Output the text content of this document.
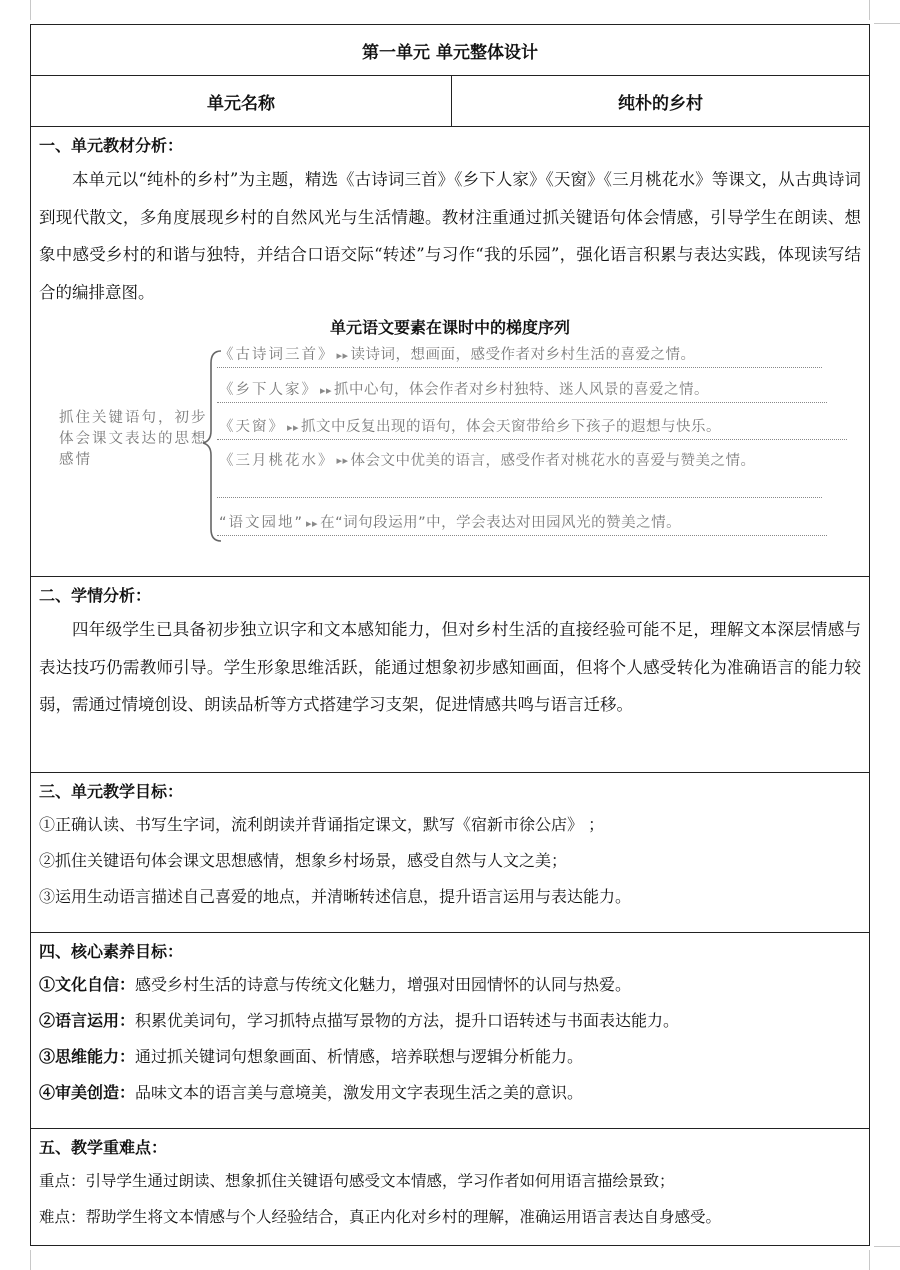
第一单元 单元整体设计
单元名称	纯朴的乡村
一、单元教材分析：

本单元以“纯朴的乡村”为主题，精选《古诗词三首》《乡下人家》《天窗》《三月桃花水》等课文，从古典诗词到现代散文，多角度展现乡村的自然风光与生活情趣。教材注重通过抓关键语句体会情感，引导学生在朗读、想象中感受乡村的和谐与独特，并结合口语交际“转述”与习作“我的乐园”，强化语言积累与表达实践，体现读写结合的编排意图。

单元语文要素在课时中的梯度序列
抓住关键语句，初步体会课文表达的思想感情
《古诗词三首》 ▸▸ 读诗词，想画面，感受作者对乡村生活的喜爱之情。
《乡下人家》 ▸▸ 抓中心句，体会作者对乡村独特、迷人风景的喜爱之情。
《天窗》 ▸▸ 抓文中反复出现的语句，体会天窗带给乡下孩子的遐想与快乐。
《三月桃花水》 ▸▸ 体会文中优美的语言，感受作者对桃花水的喜爱与赞美之情。
“语文园地” ▸▸ 在“词句段运用”中，学会表达对田园风光的赞美之情。
二、学情分析：

四年级学生已具备初步独立识字和文本感知能力，但对乡村生活的直接经验可能不足，理解文本深层情感与表达技巧仍需教师引导。学生形象思维活跃，能通过想象初步感知画面，但将个人感受转化为准确语言的能力较弱，需通过情境创设、朗读品析等方式搭建学习支架，促进情感共鸣与语言迁移。

三、单元教学目标：

①正确认读、书写生字词，流利朗读并背诵指定课文，默写《宿新市徐公店》 ；

②抓住关键语句体会课文思想感情，想象乡村场景，感受自然与人文之美；

③运用生动语言描述自己喜爱的地点，并清晰转述信息，提升语言运用与表达能力。

四、核心素养目标：

①文化自信：感受乡村生活的诗意与传统文化魅力，增强对田园情怀的认同与热爱。

②语言运用：积累优美词句，学习抓特点描写景物的方法，提升口语转述与书面表达能力。

③思维能力：通过抓关键词句想象画面、析情感，培养联想与逻辑分析能力。

④审美创造：品味文本的语言美与意境美，激发用文字表现生活之美的意识。

五、教学重难点：

重点：引导学生通过朗读、想象抓住关键语句感受文本情感，学习作者如何用语言描绘景致；

难点：帮助学生将文本情感与个人经验结合，真正内化对乡村的理解，准确运用语言表达自身感受。
